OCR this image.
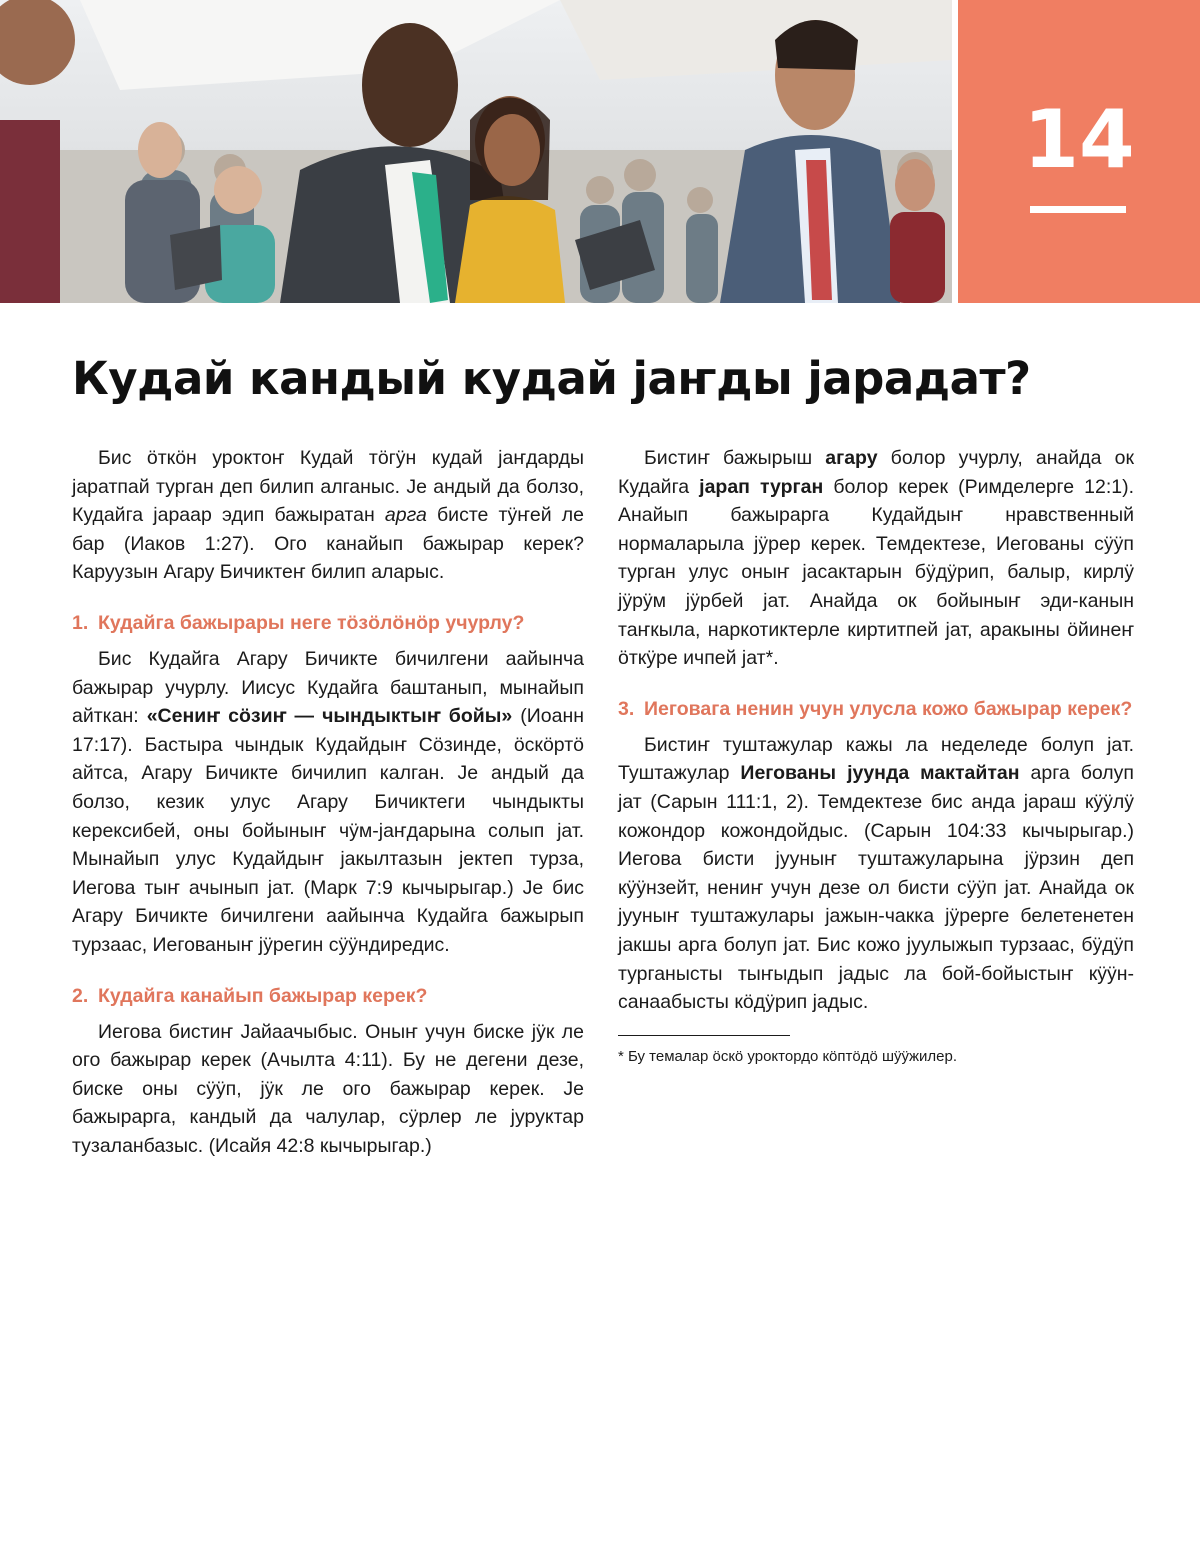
14
Кудай кандый кудай јаҥды јарадат?

Бис öткöн уроктоҥ Кудай тöгÿн кудай јаҥдарды јаратпай турган деп билип алганыс. Је андый да болзо, Кудайга јараар эдип бажыратан арга бисте тÿҥей ле бар (Иаков 1:27). Ого канайып бажырар керек? Каруузын Агару Бичиктеҥ билип аларыс.

1. Кудайга бажырары неге тöзöлöнöр учурлу?

Бис Кудайга Агару Бичикте бичилгени аайынча бажырар учурлу. Иисус Кудайга баштанып, мынайып айткан: «Сениҥ сöзиҥ — чындыктыҥ бойы» (Иоанн 17:17). Бастыра чындык Кудайдыҥ Сöзинде, öскöртö айтса, Агару Бичикте бичилип калган. Је андый да болзо, кезик улус Агару Бичиктеги чындыкты керексибей, оны бойыныҥ чÿм-јаҥдарына солып јат. Мынайып улус Кудайдыҥ јакылтазын јектеп турза, Иегова тыҥ ачынып јат. (Марк 7:9 кычырыгар.) Је бис Агару Бичикте бичилгени аайынча Кудайга бажырып турзаас, Иегованыҥ јÿрегин сÿÿндиредис.

2. Кудайга канайып бажырар керек?

Иегова бистиҥ Јайаачыбыс. Оныҥ учун биске јÿк ле ого бажырар керек (Ачылта 4:11). Бу не дегени дезе, биске оны сÿÿп, јÿк ле ого бажырар керек. Је бажырарга, кандый да чалулар, сÿрлер ле јуруктар тузаланбазыс. (Исайя 42:8 кычырыгар.)

Бистиҥ бажырыш агару болор учурлу, анайда ок Кудайга јарап турган болор керек (Римделерге 12:1). Анайып бажырарга Кудайдыҥ нравственный нормаларыла јÿрер керек. Темдектезе, Иегованы сÿÿп турган улус оныҥ јасактарын бÿдÿрип, балыр, кирлÿ јÿрÿм јÿрбей јат. Анайда ок бойыныҥ эди-канын таҥкыла, наркотиктерле киртитпей јат, аракыны öйинеҥ öткÿре ичпей јат*.

3. Иеговага ненин учун улусла кожо бажырар керек?

Бистиҥ туштажулар кажы ла неделеде болуп јат. Туштажулар Иегованы јуунда мактайтан арга болуп јат (Сарын 111:1, 2). Темдектезе бис анда јараш кÿÿлÿ кожондор кожондойдыс. (Сарын 104:33 кычырыгар.) Иегова бисти јууныҥ туштажуларына јÿрзин деп кÿÿнзейт, нениҥ учун дезе ол бисти сÿÿп јат. Анайда ок јууныҥ туштажулары јажын-чакка јÿрерге белетенетен јакшы арга болуп јат. Бис кожо јуулыжып турзаас, бÿдÿп турганысты тыҥыдып јадыс ла бой-бойыстыҥ кÿÿн-санаабысты кöдÿрип јадыс.

* Бу темалар öскö уроктордо кöптöдö шÿÿжилер.
